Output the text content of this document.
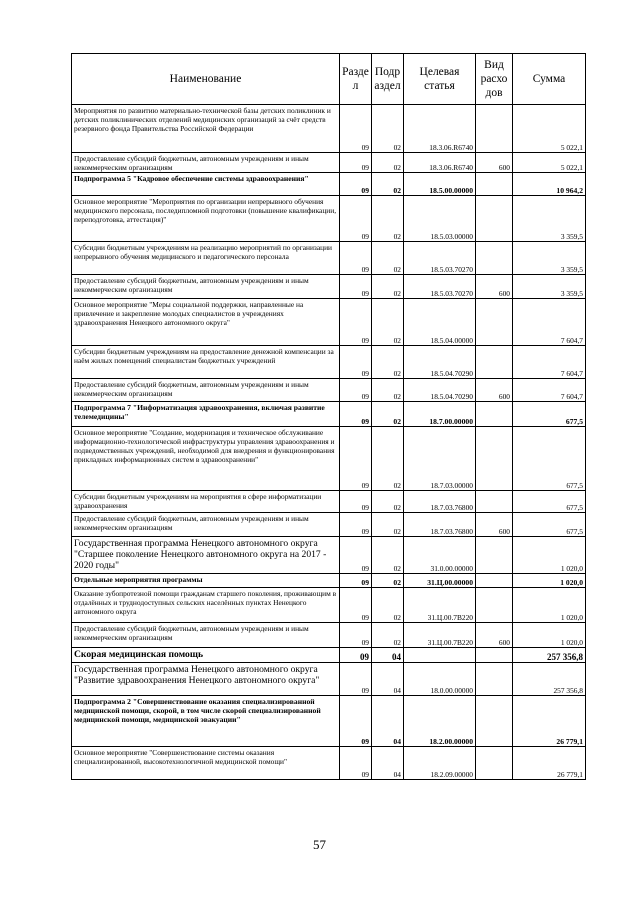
Наименование	Разде л	Подр аздел	Целевая статья	Вид расхо дов	Сумма
Мероприятия по развитию материально-технической базы детских поликлиник и детских поликлинических отделений медицинских организаций за счёт средств резервного фонда Правительства Российской Федерации	09	02	18.3.06.R6740		5 022,1
Предоставление субсидий бюджетным, автономным учреждениям и иным некоммерческим организациям	09	02	18.3.06.R6740	600	5 022,1
Подпрограмма 5 "Кадровое обеспечение системы здравоохранения"	09	02	18.5.00.00000		10 964,2
Основное мероприятие "Мероприятия по организации непрерывного обучения медицинского персонала, последипломной подготовки (повышение квалификации, переподготовка, аттестация)"	09	02	18.5.03.00000		3 359,5
Субсидии бюджетным учреждениям на реализацию мероприятий по организации непрерывного обучения медицинского и педагогического персонала	09	02	18.5.03.70270		3 359,5
Предоставление субсидий бюджетным, автономным учреждениям и иным некоммерческим организациям	09	02	18.5.03.70270	600	3 359,5
Основное мероприятие "Меры социальной поддержки, направленные на привлечение и закрепление молодых специалистов в учреждениях здравоохранения Ненецкого автономного округа"	09	02	18.5.04.00000		7 604,7
Субсидии бюджетным учреждениям на предоставление денежной компенсации за наём жилых помещений специалистам бюджетных учреждений	09	02	18.5.04.70290		7 604,7
Предоставление субсидий бюджетным, автономным учреждениям и иным некоммерческим организациям	09	02	18.5.04.70290	600	7 604,7
Подпрограмма 7 "Информатизация здравоохранения, включая развитие телемедицины"	09	02	18.7.00.00000		677,5
Основное мероприятие "Создание, модернизация и техническое обслуживание информационно-технологической инфраструктуры управления здравоохранения и подведомственных учреждений, необходимой для внедрения и функционирования прикладных информационных систем в здравоохранении"	09	02	18.7.03.00000		677,5
Субсидии бюджетным учреждениям на мероприятия в сфере информатизации здравоохранения	09	02	18.7.03.76800		677,5
Предоставление субсидий бюджетным, автономным учреждениям и иным некоммерческим организациям	09	02	18.7.03.76800	600	677,5
Государственная программа Ненецкого автономного округа "Старшее поколение Ненецкого автономного округа на 2017 - 2020 годы"	09	02	31.0.00.00000		1 020,0
Отдельные мероприятия программы	09	02	31.Ц.00.00000		1 020,0
Оказание зубопротезной помощи гражданам старшего поколения, проживающим в отдалённых и труднодоступных сельских населённых пунктах Ненецкого автономного округа	09	02	31.Ц.00.7В220		1 020,0
Предоставление субсидий бюджетным, автономным учреждениям и иным некоммерческим организациям	09	02	31.Ц.00.7В220	600	1 020,0
Скорая медицинская помощь	09	04			257 356,8
Государственная программа Ненецкого автономного округа "Развитие здравоохранения Ненецкого автономного округа"	09	04	18.0.00.00000		257 356,8
Подпрограмма 2 "Совершенствование оказания специализированной медицинской помощи, скорой, в том числе скорой специализированной медицинской помощи, медицинской эвакуации"	09	04	18.2.00.00000		26 779,1
Основное мероприятие "Совершенствование системы оказания специализированной, высокотехнологичной медицинской помощи"	09	04	18.2.09.00000		26 779,1
57
